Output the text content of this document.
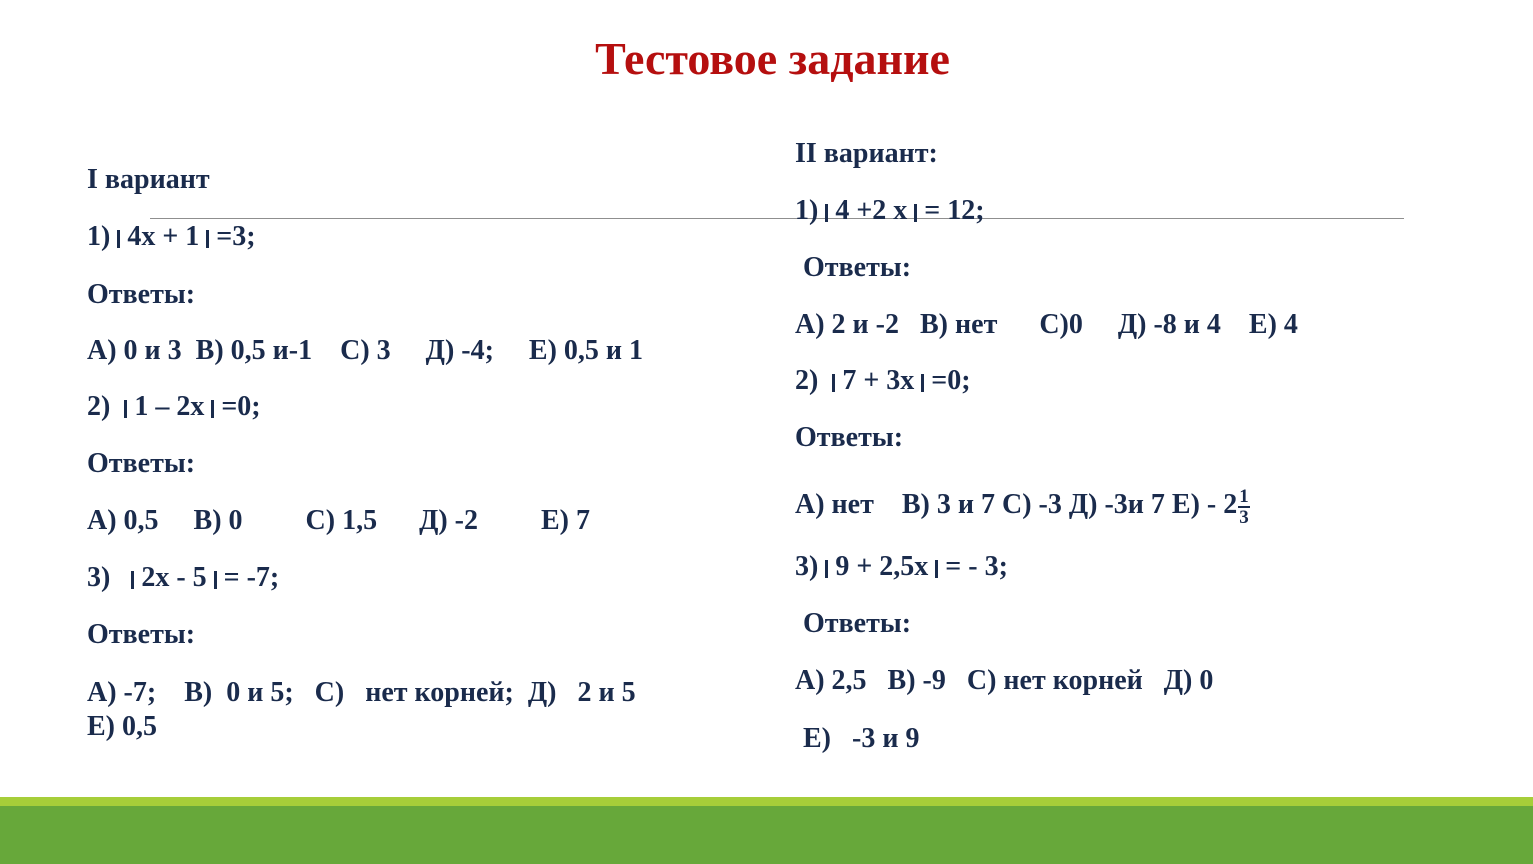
Тестовое задание
I вариант
1) 4x + 1 =3;
Ответы:
А) 0 и 3  В) 0,5 и-1    С) 3     Д) -4;     Е) 0,5 и 1
2) 1 – 2x =0;
Ответы:
А) 0,5     В) 0         С) 1,5      Д) -2         Е) 7
3) 2x - 5 = -7;
Ответы:
А) -7;    В)  0 и 5;   С)   нет корней;  Д)   2 и 5
Е) 0,5
II вариант:
1) 4 +2 x = 12;
Ответы:
А) 2 и -2   В) нет      С)0     Д) -8 и 4    Е) 4
2) 7 + 3x =0;
Ответы:
А) нет    В) 3 и 7 С) -3 Д) -3и 7 $Е) - 2 \frac{1}{3}$
3) 9 + 2,5x = - 3;
Ответы:
А) 2,5   В) -9   С) нет корней   Д) 0
Е)   -3 и 9
